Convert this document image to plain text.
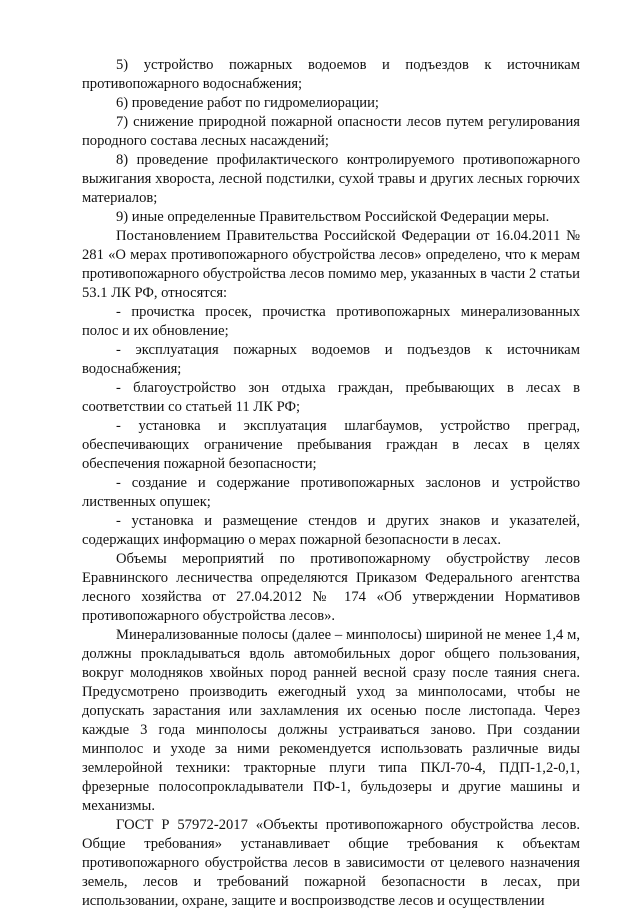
5) устройство пожарных водоемов и подъездов к источникам противопожарного водоснабжения;

6) проведение работ по гидромелиорации;

7) снижение природной пожарной опасности лесов путем регулирования породного состава лесных насаждений;

8) проведение профилактического контролируемого противопожарного выжигания хвороста, лесной подстилки, сухой травы и других лесных горючих материалов;

9) иные определенные Правительством Российской Федерации меры.

Постановлением Правительства Российской Федерации от 16.04.2011 № 281 «О мерах противопожарного обустройства лесов» определено, что к мерам противопожарного обустройства лесов помимо мер, указанных в части 2 статьи 53.1 ЛК РФ, относятся:

- прочистка просек, прочистка противопожарных минерализованных полос и их обновление;

- эксплуатация пожарных водоемов и подъездов к источникам водоснабжения;

- благоустройство зон отдыха граждан, пребывающих в лесах в соответствии со статьей 11 ЛК РФ;

- установка и эксплуатация шлагбаумов, устройство преград, обеспечивающих ограничение пребывания граждан в лесах в целях обеспечения пожарной безопасности;

- создание и содержание противопожарных заслонов и устройство лиственных опушек;

- установка и размещение стендов и других знаков и указателей, содержащих информацию о мерах пожарной безопасности в лесах.

Объемы мероприятий по противопожарному обустройству лесов Еравнинского лесничества определяются Приказом Федерального агентства лесного хозяйства от 27.04.2012 № 174 «Об утверждении Нормативов противопожарного обустройства лесов».

Минерализованные полосы (далее – минполосы) шириной не менее 1,4 м, должны прокладываться вдоль автомобильных дорог общего пользования, вокруг молодняков хвойных пород ранней весной сразу после таяния снега. Предусмотрено производить ежегодный уход за минполосами, чтобы не допускать зарастания или захламления их осенью после листопада. Через каждые 3 года минполосы должны устраиваться заново. При создании минполос и уходе за ними рекомендуется использовать различные виды землеройной техники: тракторные плуги типа ПКЛ-70-4, ПДП-1,2-0,1, фрезерные полосопрокладыватели ПФ-1, бульдозеры и другие машины и механизмы.

ГОСТ Р 57972-2017 «Объекты противопожарного обустройства лесов. Общие требования» устанавливает общие требования к объектам противопожарного обустройства лесов в зависимости от целевого назначения земель, лесов и требований пожарной безопасности в лесах, при использовании, охране, защите и воспроизводстве лесов и осуществлении
